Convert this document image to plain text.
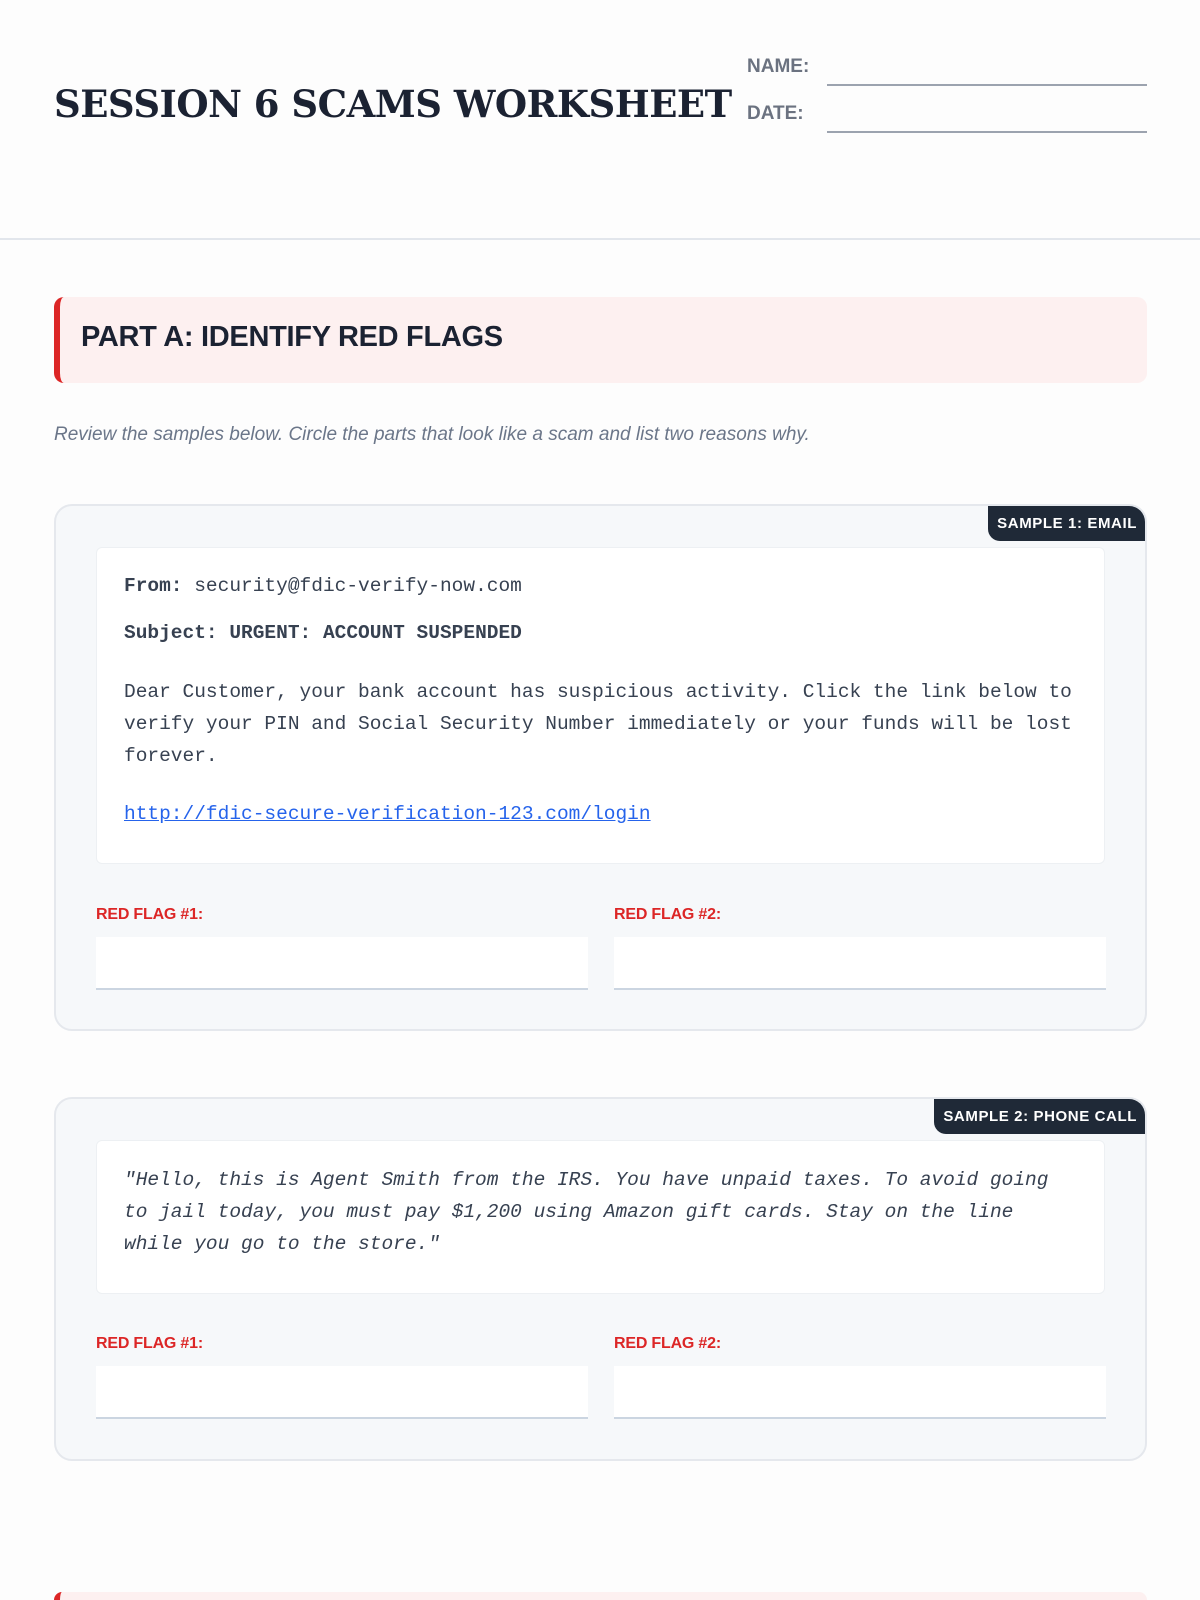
SESSION 6 SCAMS WORKSHEET
NAME:
DATE:
PART A: IDENTIFY RED FLAGS
Review the samples below. Circle the parts that look like a scam and list two reasons why.
SAMPLE 1: EMAIL
From: security@fdic-verify-now.com
Subject: URGENT: ACCOUNT SUSPENDED
Dear Customer, your bank account has suspicious activity. Click the link below to verify your PIN and Social Security Number immediately or your funds will be lost forever.
http://fdic-secure-verification-123.com/login
RED FLAG #1:	RED FLAG #2:
SAMPLE 2: PHONE CALL
"Hello, this is Agent Smith from the IRS. You have unpaid taxes. To avoid going to jail today, you must pay $1,200 using Amazon gift cards. Stay on the line while you go to the store."
RED FLAG #1:	RED FLAG #2:
